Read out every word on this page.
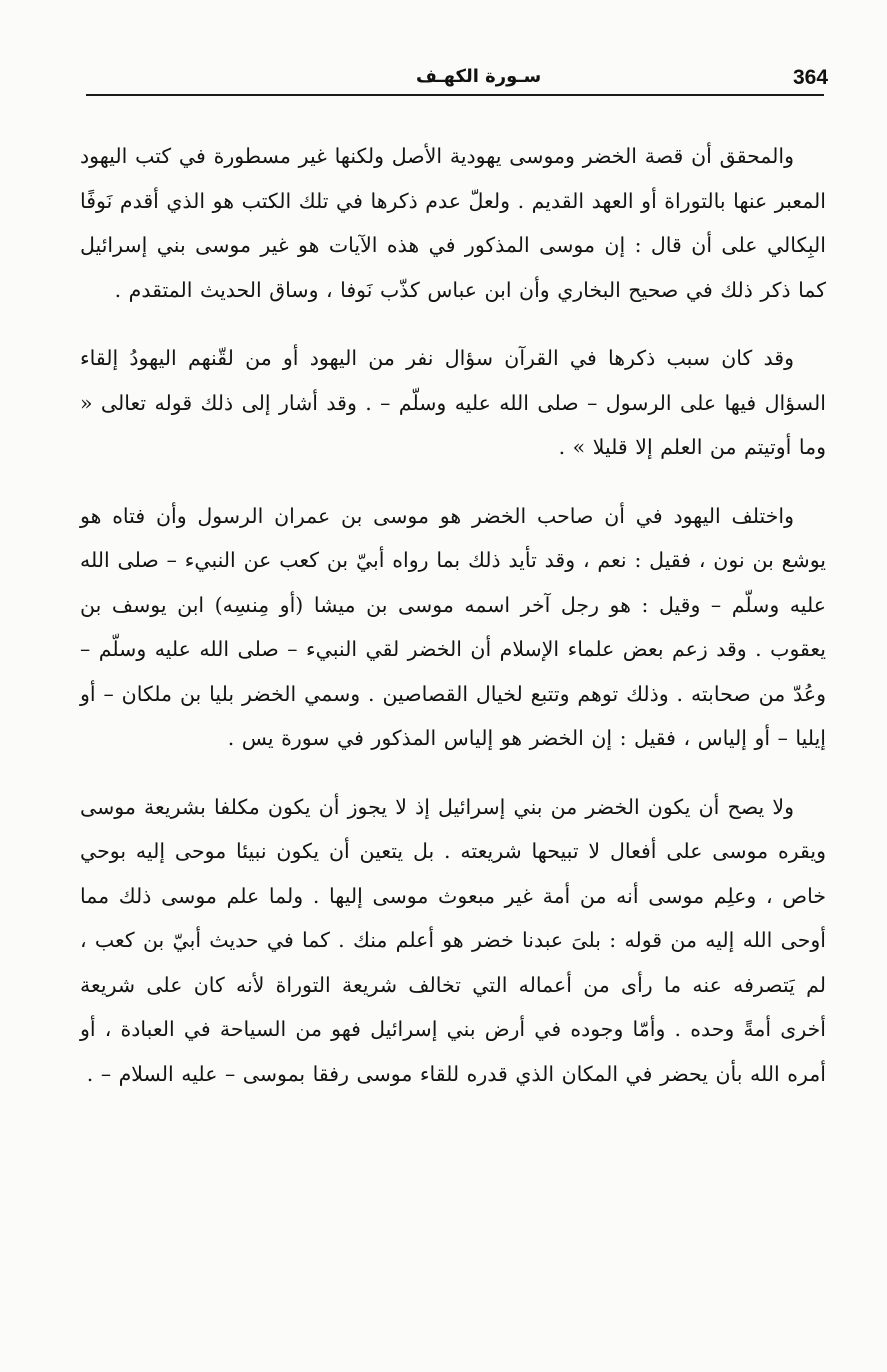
364
سـورة الكهـف

والمحقق أن قصة الخضر وموسى يهودية الأصل ولكنها غير مسطورة في كتب اليهود المعبر عنها بالتوراة أو العهد القديم . ولعلّ عدم ذكرها في تلك الكتب هو الذي أقدم نَوفًا البِكالي على أن قال : إن موسى المذكور في هذه الآيات هو غير موسى بني إسرائيل كما ذكر ذلك في صحيح البخاري وأن ابن عباس كذّب نَوفا ، وساق الحديث المتقدم .

وقد كان سبب ذكرها في القرآن سؤال نفر من اليهود أو من لقّنهم اليهودُ إلقاء السؤال فيها على الرسول – صلى الله عليه وسلّم – . وقد أشار إلى ذلك قوله تعالى « وما أوتيتم من العلم إلا قليلا » .

واختلف اليهود في أن صاحب الخضر هو موسى بن عمران الرسول وأن فتاه هو يوشع بن نون ، فقيل : نعم ، وقد تأيد ذلك بما رواه أبيّ بن كعب عن النبيء – صلى الله عليه وسلّم – وقيل : هو رجل آخر اسمه موسى بن ميشا (أو مِنسِه) ابن يوسف بن يعقوب . وقد زعم بعض علماء الإسلام أن الخضر لقي النبيء – صلى الله عليه وسلّم – وعُدّ من صحابته . وذلك توهم وتتبع لخيال القصاصين . وسمي الخضر بليا بن ملكان – أو إيليا – أو إلياس ، فقيل : إن الخضر هو إلياس المذكور في سورة يس .

ولا يصح أن يكون الخضر من بني إسرائيل إذ لا يجوز أن يكون مكلفا بشريعة موسى ويقره موسى على أفعال لا تبيحها شريعته . بل يتعين أن يكون نبيئا موحى إليه بوحي خاص ، وعلِم موسى أنه من أمة غير مبعوث موسى إليها . ولما علم موسى ذلك مما أوحى الله إليه من قوله : بلىَ عبدنا خضر هو أعلم منك . كما في حديث أبيّ بن كعب ، لم يَتصرفه عنه ما رأى من أعماله التي تخالف شريعة التوراة لأنه كان على شريعة أخرى أمةً وحده . وأمّا وجوده في أرض بني إسرائيل فهو من السياحة في العبادة ، أو أمره الله بأن يحضر في المكان الذي قدره للقاء موسى رفقا بموسى – عليه السلام – .
